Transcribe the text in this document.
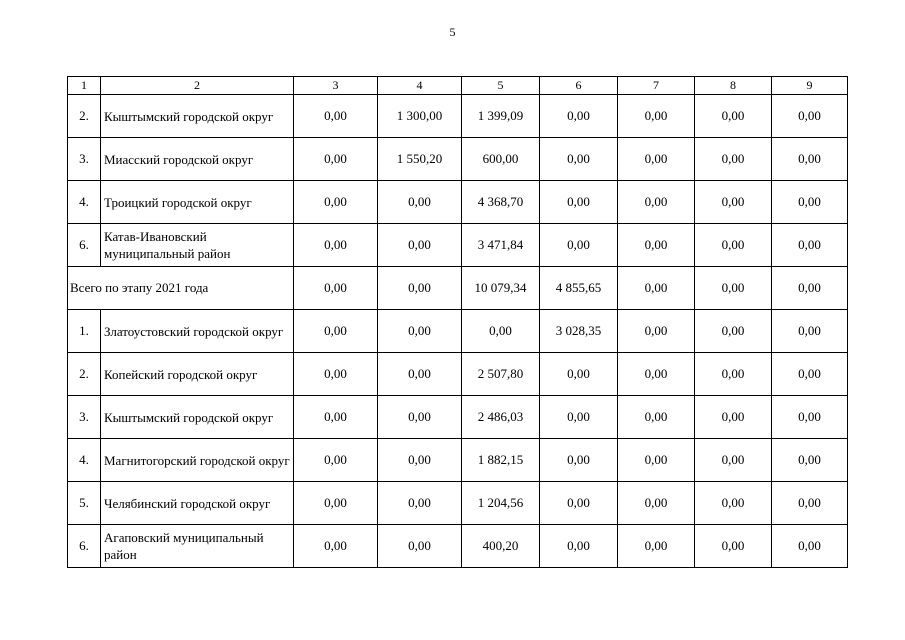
5
1	2	3	4	5	6	7	8	9
2.	Кыштымский городской округ	0,00	1 300,00	1 399,09	0,00	0,00	0,00	0,00
3.	Миасский городской округ	0,00	1 550,20	600,00	0,00	0,00	0,00	0,00
4.	Троицкий городской округ	0,00	0,00	4 368,70	0,00	0,00	0,00	0,00
6.	Катав-Ивановский муниципальный район	0,00	0,00	3 471,84	0,00	0,00	0,00	0,00
Всего по этапу 2021 года		0,00	0,00	10 079,34	4 855,65	0,00	0,00	0,00
1.	Златоустовский городской округ	0,00	0,00	0,00	3 028,35	0,00	0,00	0,00
2.	Копейский городской округ	0,00	0,00	2 507,80	0,00	0,00	0,00	0,00
3.	Кыштымский городской округ	0,00	0,00	2 486,03	0,00	0,00	0,00	0,00
4.	Магнитогорский городской округ	0,00	0,00	1 882,15	0,00	0,00	0,00	0,00
5.	Челябинский городской округ	0,00	0,00	1 204,56	0,00	0,00	0,00	0,00
6.	Агаповский муниципальный район	0,00	0,00	400,20	0,00	0,00	0,00	0,00
